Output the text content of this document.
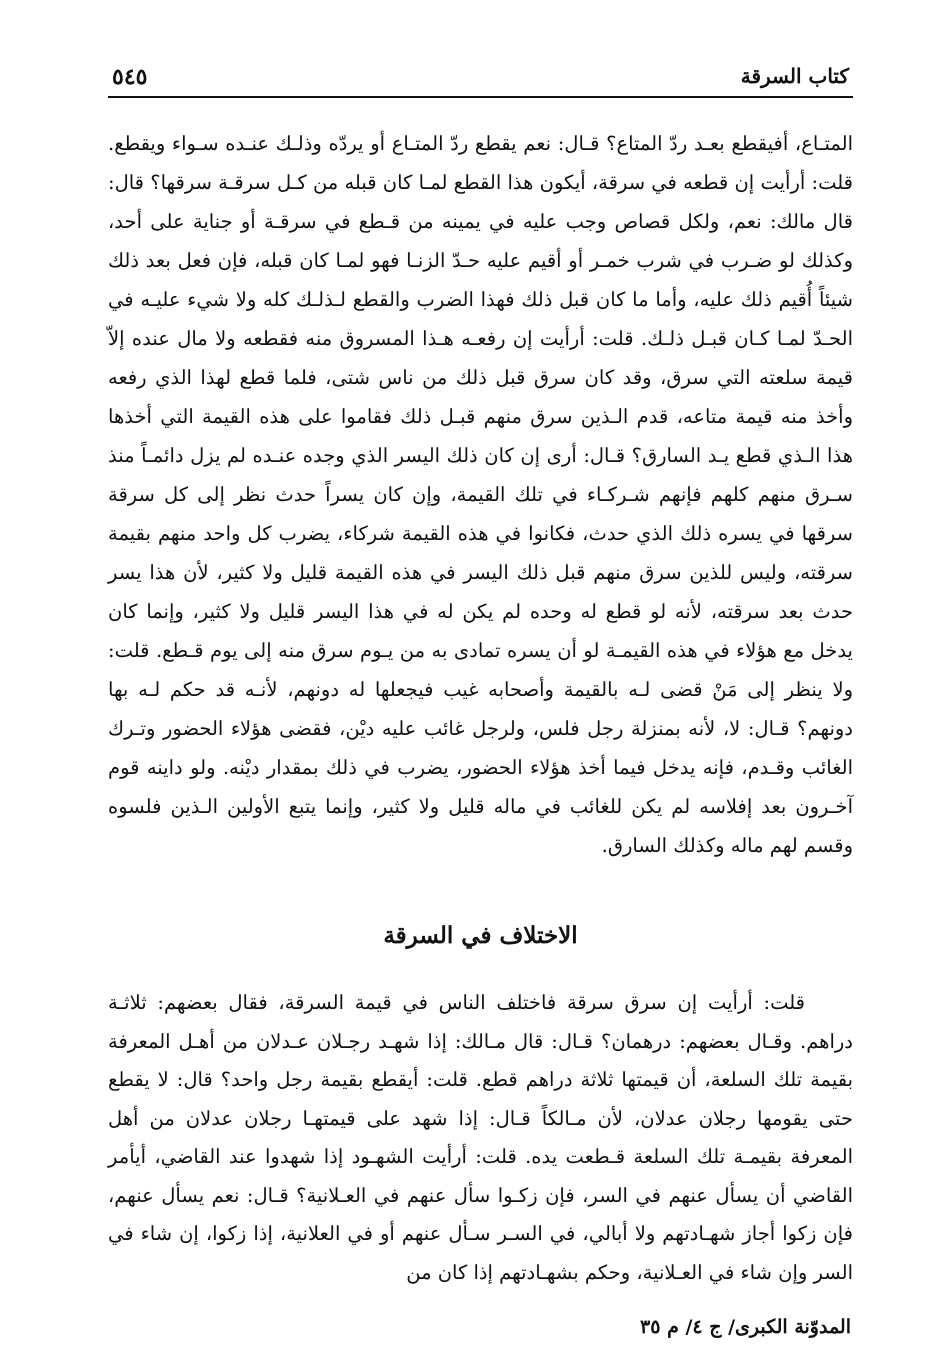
كتاب السرقة
٥٤٥

المتـاع، أفيقطع بعـد ردّ المتاع؟ قـال: نعم يقطع ردّ المتـاع أو يردّه وذلـك عنـده سـواء ويقطع. قلت: أرأيت إن قطعه في سرقة، أيكون هذا القطع لمـا كان قبله من كـل سرقـة سرقها؟ قال: قال مالك: نعم، ولكل قصاص وجب عليه في يمينه من قـطع في سرقـة أو جناية على أحد، وكذلك لو ضـرب في شرب خمـر أو أقيم عليه حـدّ الزنـا فهو لمـا كان قبله، فإن فعل بعد ذلك شيئاً أُقيم ذلك عليه، وأما ما كان قبل ذلك فهذا الضرب والقطع لـذلـك كله ولا شيء عليـه في الحـدّ لمـا كـان قبـل ذلـك. قلت: أرأيت إن رفعـه هـذا المسروق منه فقطعه ولا مال عنده إلاّ قيمة سلعته التي سرق، وقد كان سرق قبل ذلك من ناس شتى، فلما قطع لهذا الذي رفعه وأخذ منه قيمة متاعه، قدم الـذين سرق منهم قبـل ذلك فقاموا على هذه القيمة التي أخذها هذا الـذي قطع يـد السارق؟ قـال: أرى إن كان ذلك اليسر الذي وجده عنـده لم يزل دائمـاً منذ سـرق منهم كلهم فإنهم شـركـاء في تلك القيمة، وإن كان يسراً حدث نظر إلى كل سرقة سرقها في يسره ذلك الذي حدث، فكانوا في هذه القيمة شركاء، يضرب كل واحد منهم بقيمة سرقته، وليس للذين سرق منهم قبل ذلك اليسر في هذه القيمة قليل ولا كثير، لأن هذا يسر حدث بعد سرقته، لأنه لو قطع له وحده لم يكن له في هذا اليسر قليل ولا كثير، وإنما كان يدخل مع هؤلاء في هذه القيمـة لو أن يسره تمادى به من يـوم سرق منه إلى يوم قـطع. قلت: ولا ينظر إلى مَنْ قضى لـه بالقيمة وأصحابه غيب فيجعلها له دونهم، لأنـه قد حكم لـه بها دونهم؟ قـال: لا، لأنه بمنزلة رجل فلس، ولرجل غائب عليه ديْن، فقضى هؤلاء الحضور وتـرك الغائب وقـدم، فإنه يدخل فيما أخذ هؤلاء الحضور، يضرب في ذلك بمقدار ديْنه. ولو داينه قوم آخـرون بعد إفلاسه لم يكن للغائب في ماله قليل ولا كثير، وإنما يتبع الأولين الـذين فلسوه وقسم لهم ماله وكذلك السارق.

الاختلاف في السرقة

قلت: أرأيت إن سرق سرقة فاختلف الناس في قيمة السرقة، فقال بعضهم: ثلاثـة دراهم. وقـال بعضهم: درهمان؟ قـال: قال مـالك: إذا شهـد رجـلان عـدلان من أهـل المعرفة بقيمة تلك السلعة، أن قيمتها ثلاثة دراهم قطع. قلت: أيقطع بقيمة رجل واحد؟ قال: لا يقطع حتى يقومها رجلان عدلان، لأن مـالكاً قـال: إذا شهد على قيمتهـا رجلان عدلان من أهل المعرفة بقيمـة تلك السلعة قـطعت يده. قلت: أرأيت الشهـود إذا شهدوا عند القاضي، أيأمر القاضي أن يسأل عنهم في السر، فإن زكـوا سأل عنهم في العـلانية؟ قـال: نعم يسأل عنهم، فإن زكوا أجاز شهـادتهم ولا أبالي، في السـر سـأل عنهم أو في العلانية، إذا زكوا، إن شاء في السر وإن شاء في العـلانية، وحكم بشهـادتهم إذا كان من

المدوّنة الكبرى/ ج ٤/ م ٣٥
